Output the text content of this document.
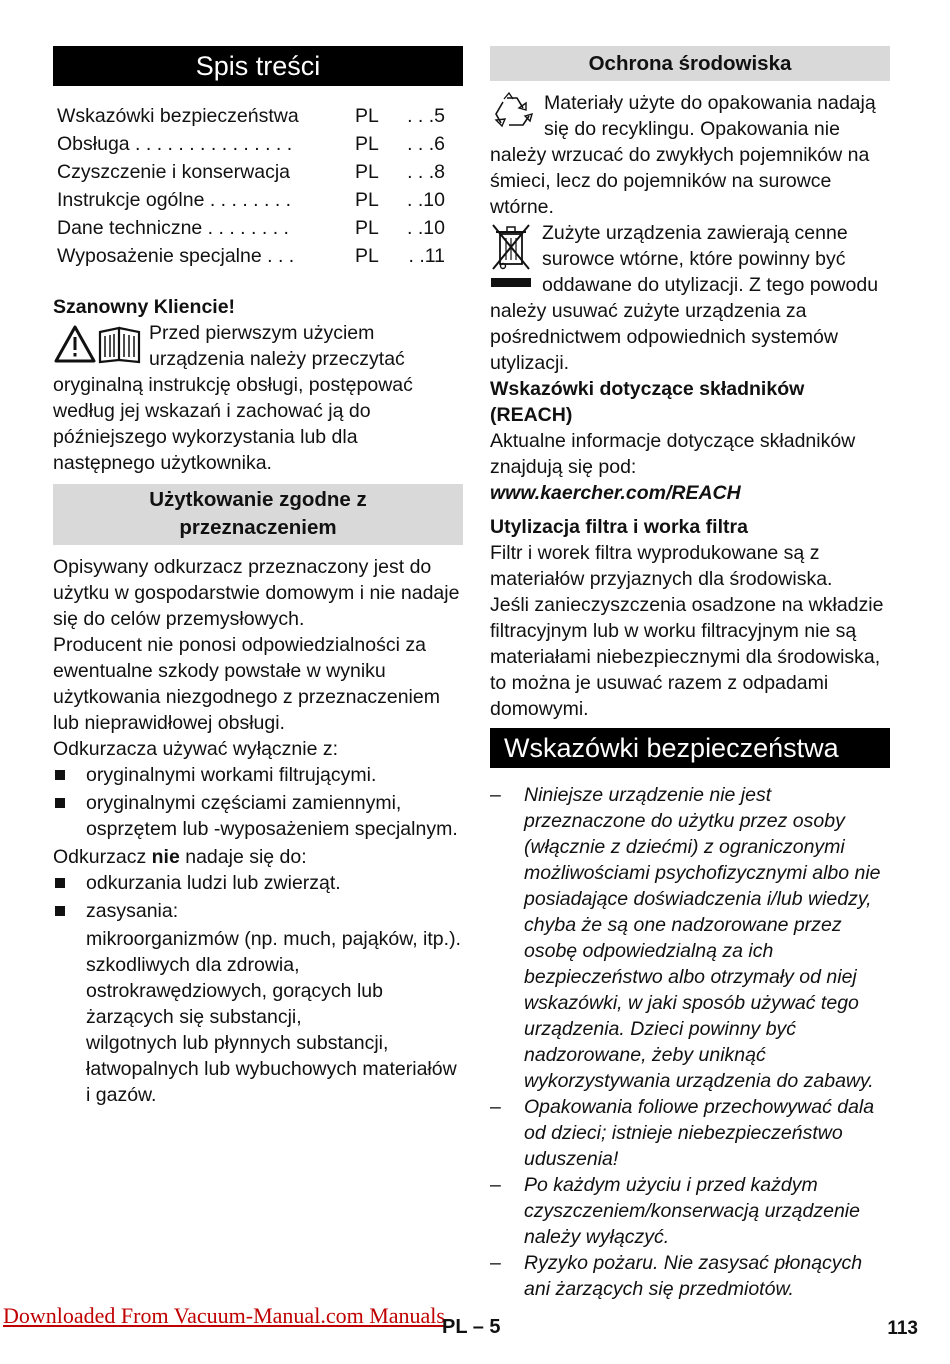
Spis treści
Wskazówki bezpieczeństwa	PL	. . .5
Obsługa . . . . . . . . . . . . . . .	PL	. . .6
Czyszczenie i konserwacja	PL	. . .8
Instrukcje ogólne . . . . . . . .	PL	. .10
Dane techniczne . . . . . . . .	PL	. .10
Wyposażenie specjalne . . .	PL	. .11

Szanowny Kliencie!

Przed pierwszym użyciem urządzenia należy przeczytać oryginalną instrukcję obsługi, postępować według jej wskazań i zachować ją do późniejszego wykorzystania lub dla następnego użytkownika.
Użytkowanie zgodne z
przeznaczeniem

Opisywany odkurzacz przeznaczony jest do użytku w gospodarstwie domowym i nie nadaje się do celów przemysłowych.

Producent nie ponosi odpowiedzialności za ewentualne szkody powstałe w wyniku użytkowania niezgodnego z przeznaczeniem lub nieprawidłowej obsługi.

Odkurzacza używać wyłącznie z:

oryginalnymi workami filtrującymi.
oryginalnymi częściami zamiennymi, osprzętem lub -wyposażeniem specjalnym.

Odkurzacz nie nadaje się do:

odkurzania ludzi lub zwierząt.
zasysania:

mikroorganizmów (np. much, pająków, itp.).

szkodliwych dla zdrowia, ostrokrawędziowych, gorących lub żarzących się substancji,

wilgotnych lub płynnych substancji, łatwopalnych lub wybuchowych materiałów i gazów.

Ochrona środowiska
Materiały użyte do opakowania nadają się do recyklingu. Opakowania nie należy wrzucać do zwykłych pojemników na śmieci, lecz do pojemników na surowce wtórne.
Zużyte urządzenia zawierają cenne surowce wtórne, które powinny być oddawane do utylizacji. Z tego powodu należy usuwać zużyte urządzenia za pośrednictwem odpowiednich systemów utylizacji.

Wskazówki dotyczące składników (REACH)

Aktualne informacje dotyczące składników znajdują się pod:

www.kaercher.com/REACH

Utylizacja filtra i worka filtra

Filtr i worek filtra wyprodukowane są z materiałów przyjaznych dla środowiska.

Jeśli zanieczyszczenia osadzone na wkładzie filtracyjnym lub w worku filtracyjnym nie są materiałami niebezpiecznymi dla środowiska, to można je usuwać razem z odpadami domowymi.

Wskazówki bezpieczeństwa
– Niniejsze urządzenie nie jest przeznaczone do użytku przez osoby (włącznie z dziećmi) z ograniczonymi możliwościami psychofizycznymi albo nie posiadające doświadczenia i/lub wiedzy, chyba że są one nadzorowane przez osobę odpowiedzialną za ich bezpieczeństwo albo otrzymały od niej wskazówki, w jaki sposób używać tego urządzenia. Dzieci powinny być nadzorowane, żeby uniknąć wykorzystywania urządzenia do zabawy.
– Opakowania foliowe przechowywać dala od dzieci; istnieje niebezpieczeństwo uduszenia!
– Po każdym użyciu i przed każdym czyszczeniem/konserwacją urządzenie należy wyłączyć.
– Ryzyko pożaru. Nie zasysać płonących ani żarzących się przedmiotów.
Downloaded From Vacuum-Manual.com Manuals
PL – 5	113
